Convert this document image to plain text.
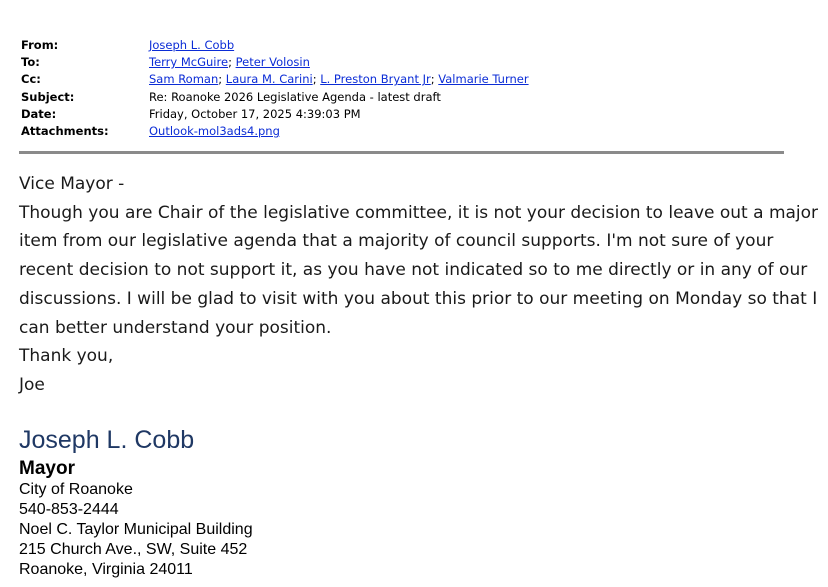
From:	Joseph L. Cobb
To:	Terry McGuire; Peter Volosin
Cc:	Sam Roman; Laura M. Carini; L. Preston Bryant Jr; Valmarie Turner
Subject:	Re: Roanoke 2026 Legislative Agenda - latest draft
Date:	Friday, October 17, 2025 4:39:03 PM
Attachments:	Outlook-mol3ads4.png

Vice Mayor -

Though you are Chair of the legislative committee, it is not your decision to leave out a major item from our legislative agenda that a majority of council supports. I'm not sure of your recent decision to not support it, as you have not indicated so to me directly or in any of our discussions. I will be glad to visit with you about this prior to our meeting on Monday so that I can better understand your position.

Thank you,

Joe

Joseph L. Cobb
Mayor
City of Roanoke
540-853-2444
Noel C. Taylor Municipal Building
215 Church Ave., SW, Suite 452
Roanoke, Virginia 24011
